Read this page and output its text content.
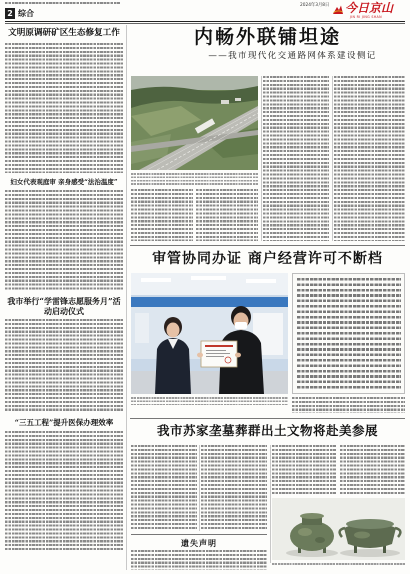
2 综合
2024年3月8日 今日京山
JIN RI JING SHAN
文明原调研矿区生态修复工作
妇女代表观庭审 亲身感受“法治温度”
我市举行“学雷锋志愿服务月”活
动启动仪式
“三五工程”提升医保办理效率
内畅外联铺坦途
——我市现代化交通路网体系建设侧记
审管协同办证 商户经营许可不断档
我市苏家垄墓葬群出土文物将赴美参展
遗失声明
